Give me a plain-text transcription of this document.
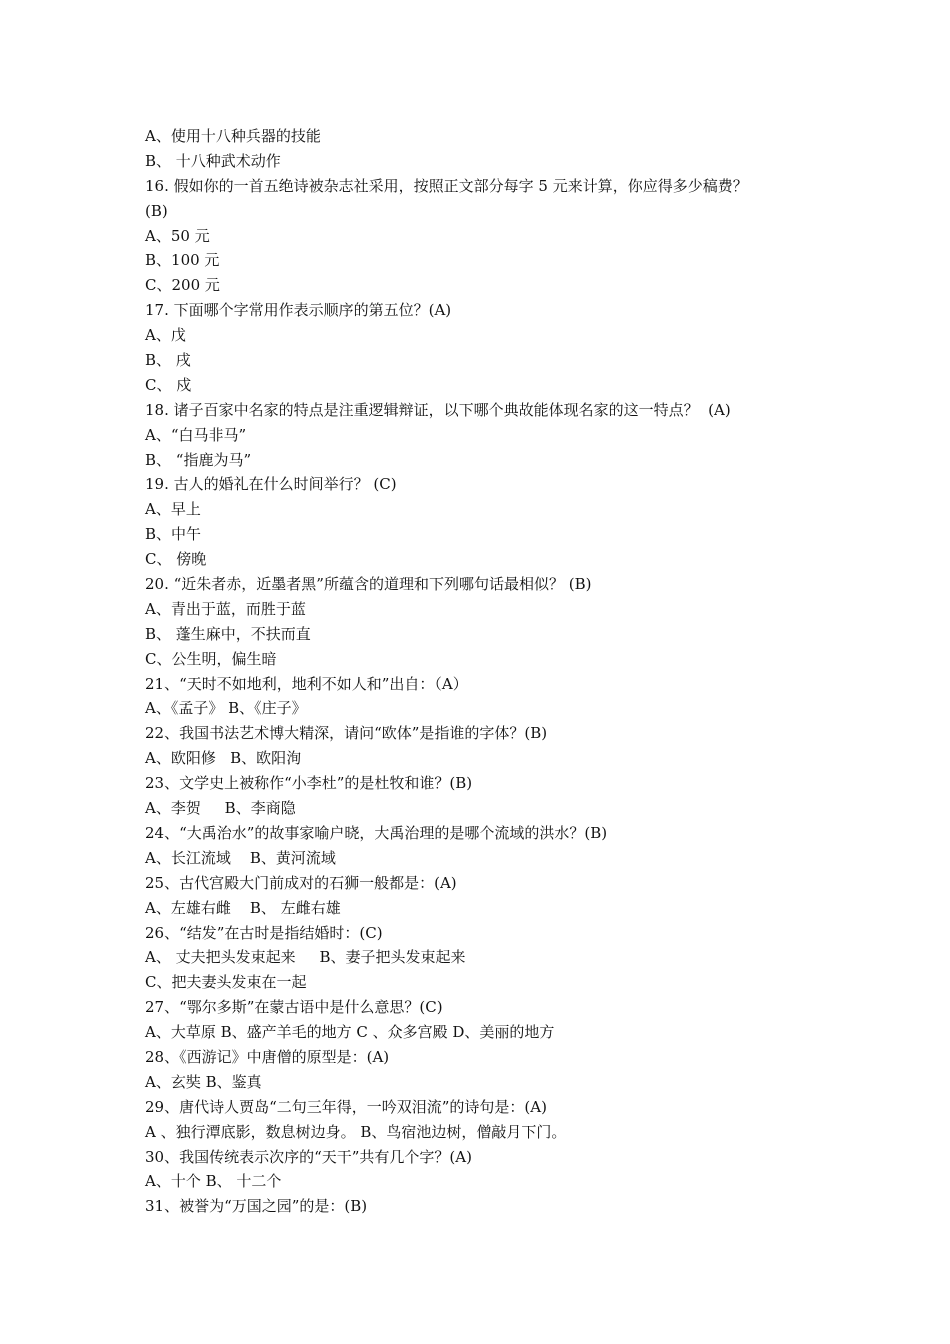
A、使用十八种兵器的技能
B、 十八种武术动作
16. 假如你的一首五绝诗被杂志社采用，按照正文部分每字 5 元来计算，你应得多少稿费？
(B)
A、50 元
B、100 元
C、200 元
17. 下面哪个字常用作表示顺序的第五位？(A)
A、戊
B、 戌
C、 戍
18. 诸子百家中名家的特点是注重逻辑辩证，以下哪个典故能体现名家的这一特点？  (A)
A、“白马非马”
B、 “指鹿为马”
19. 古人的婚礼在什么时间举行？ (C)
A、早上
B、中午
C、 傍晚
20. “近朱者赤，近墨者黑”所蕴含的道理和下列哪句话最相似？ (B)
A、青出于蓝，而胜于蓝
B、 蓬生麻中，不扶而直
C、公生明，偏生暗
21、“天时不如地利，地利不如人和”出自：（A）
A、《孟子》 B、《庄子》
22、我国书法艺术博大精深，请问“欧体”是指谁的字体？(B)
A、欧阳修   B、欧阳洵
23、文学史上被称作“小李杜”的是杜牧和谁？(B)
A、李贺     B、李商隐
24、“大禹治水”的故事家喻户晓，大禹治理的是哪个流域的洪水？(B)
A、长江流域    B、黄河流域
25、古代宫殿大门前成对的石狮一般都是：(A)
A、左雄右雌    B、 左雌右雄
26、“结发”在古时是指结婚时：(C)
A、 丈夫把头发束起来     B、妻子把头发束起来
C、把夫妻头发束在一起
27、“鄂尔多斯”在蒙古语中是什么意思？(C)
A、大草原 B、盛产羊毛的地方 C 、众多宫殿 D、美丽的地方
28、《西游记》中唐僧的原型是：(A)
A、玄奘 B、鉴真
29、唐代诗人贾岛“二句三年得，一吟双泪流”的诗句是：(A)
A 、独行潭底影，数息树边身。 B、鸟宿池边树，僧敲月下门。
30、我国传统表示次序的“天干”共有几个字？(A)
A、十个 B、 十二个
31、被誉为“万国之园”的是：(B)
